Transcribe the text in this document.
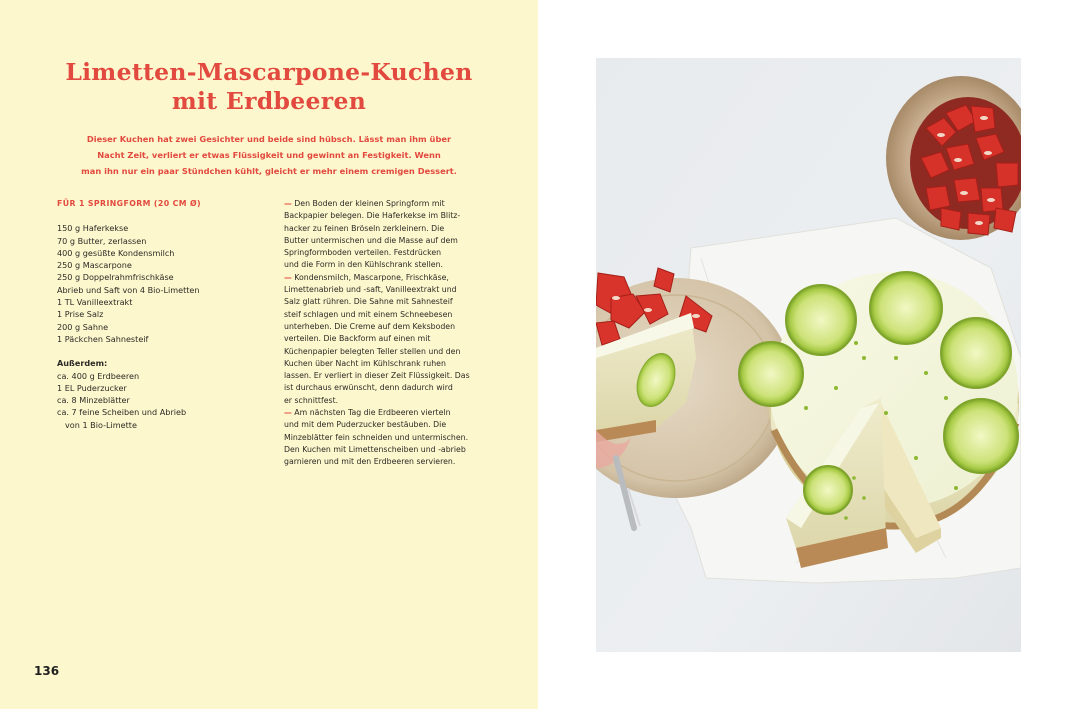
Limetten-Mascarpone-Kuchen
mit Erdbeeren
Dieser Kuchen hat zwei Gesichter und beide sind hübsch. Lässt man ihm über
Nacht Zeit, verliert er etwas Flüssigkeit und gewinnt an Festigkeit. Wenn
man ihn nur ein paar Stündchen kühlt, gleicht er mehr einem cremigen Dessert.
FÜR 1 SPRINGFORM (20 CM Ø)
150 g Haferkekse
70 g Butter, zerlassen
400 g gesüßte Kondensmilch
250 g Mascarpone
250 g Doppelrahmfrischkäse
Abrieb und Saft von 4 Bio-Limetten
1 TL Vanilleextrakt
1 Prise Salz
200 g Sahne
1 Päckchen Sahnesteif
Außerdem:
ca. 400 g Erdbeeren
1 EL Puderzucker
ca. 8 Minzeblätter
ca. 7 feine Scheiben und Abrieb
von 1 Bio-Limette

— Den Boden der kleinen Springform mit

Backpapier belegen. Die Haferkekse im Blitz-

hacker zu feinen Bröseln zerkleinern. Die

Butter untermischen und die Masse auf dem

Springformboden verteilen. Festdrücken

und die Form in den Kühlschrank stellen.

— Kondensmilch, Mascarpone, Frischkäse,

Limettenabrieb und -saft, Vanilleextrakt und

Salz glatt rühren. Die Sahne mit Sahnesteif

steif schlagen und mit einem Schneebesen

unterheben. Die Creme auf dem Keksboden

verteilen. Die Backform auf einen mit

Küchenpapier belegten Teller stellen und den

Kuchen über Nacht im Kühlschrank ruhen

lassen. Er verliert in dieser Zeit Flüssigkeit. Das

ist durchaus erwünscht, denn dadurch wird

er schnittfest.

— Am nächsten Tag die Erdbeeren vierteln

und mit dem Puderzucker bestäuben. Die

Minzeblätter fein schneiden und untermischen.

Den Kuchen mit Limettenscheiben und -abrieb

garnieren und mit den Erdbeeren servieren.

136
